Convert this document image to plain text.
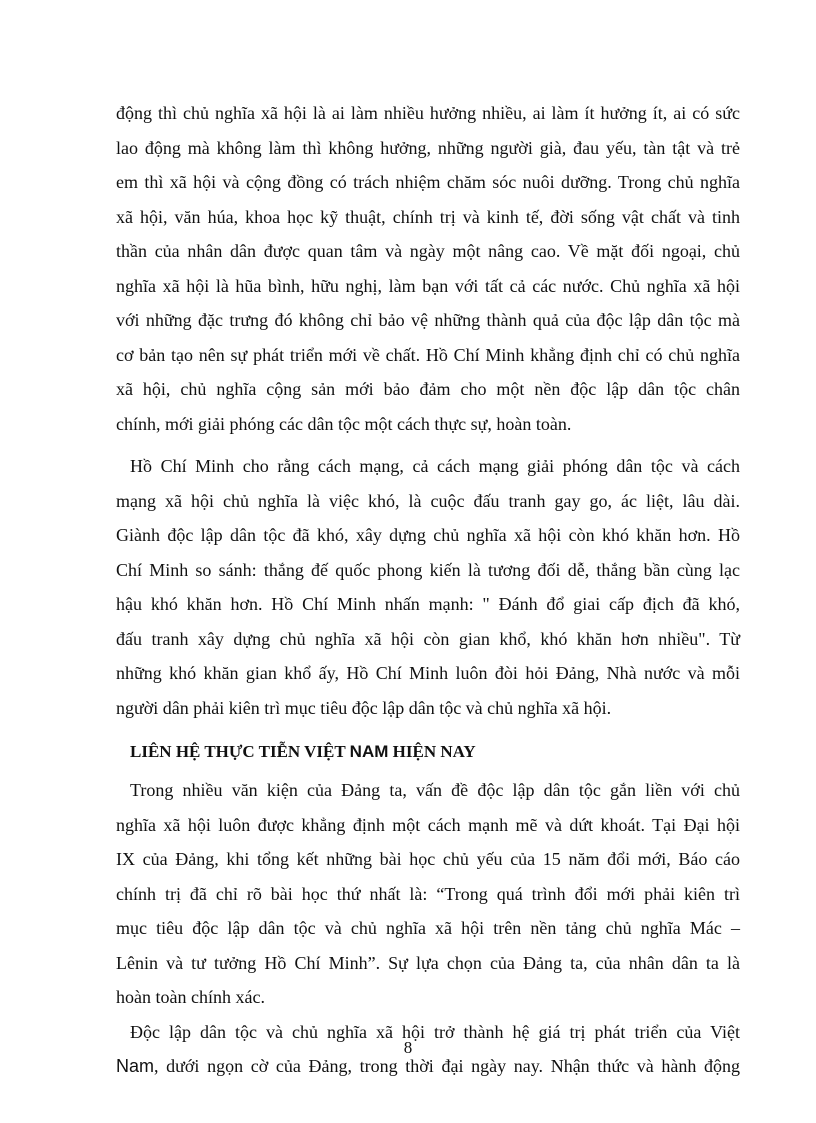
động thì chủ nghĩa xã hội là ai làm nhiều hưởng nhiều, ai làm ít hưởng ít, ai có sức
lao động mà không làm thì không hưởng, những người già, đau yếu, tàn tật và trẻ
em thì xã hội và cộng đồng có trách nhiệm chăm sóc nuôi dưỡng. Trong chủ nghĩa
xã hội, văn húa, khoa học kỹ thuật, chính trị và kinh tế, đời sống vật chất và tinh
thần của nhân dân được quan tâm và ngày một nâng cao. Về mặt đối ngoại, chủ
nghĩa xã hội là hũa bình, hữu nghị, làm bạn với tất cả các nước. Chủ nghĩa xã hội
với những đặc trưng đó không chỉ bảo vệ những thành quả của độc lập dân tộc mà
cơ bản tạo nên sự phát triển mới về chất. Hồ Chí Minh khẳng định chỉ có chủ nghĩa
xã hội, chủ nghĩa cộng sản mới bảo đảm cho một nền độc lập dân tộc chân
chính, mới giải phóng các dân tộc một cách thực sự, hoàn toàn.
Hồ Chí Minh cho rằng cách mạng, cả cách mạng giải phóng dân tộc và cách
mạng xã hội chủ nghĩa là việc khó, là cuộc đấu tranh gay go, ác liệt, lâu dài.
Giành độc lập dân tộc đã khó, xây dựng chủ nghĩa xã hội còn khó khăn hơn. Hồ
Chí Minh so sánh: thắng đế quốc phong kiến là tương đối dễ, thắng bần cùng lạc
hậu khó khăn hơn. Hồ Chí Minh nhấn mạnh: " Đánh đổ giai cấp địch đã khó,
đấu tranh xây dựng chủ nghĩa xã hội còn gian khổ, khó khăn hơn nhiều". Từ
những khó khăn gian khổ ấy, Hồ Chí Minh luôn đòi hỏi Đảng, Nhà nước và mỗi
người dân phải kiên trì mục tiêu độc lập dân tộc và chủ nghĩa xã hội.
LIÊN HỆ THỰC TIỄN VIỆT NAM HIỆN NAY
Trong nhiều văn kiện của Đảng ta, vấn đề độc lập dân tộc gắn liền với chủ
nghĩa xã hội luôn được khẳng định một cách mạnh mẽ và dứt khoát. Tại Đại hội
IX của Đảng, khi tổng kết những bài học chủ yếu của 15 năm đổi mới, Báo cáo
chính trị đã chỉ rõ bài học thứ nhất là: “Trong quá trình đổi mới phải kiên trì
mục tiêu độc lập dân tộc và chủ nghĩa xã hội trên nền tảng chủ nghĩa Mác –
Lênin và tư tưởng Hồ Chí Minh”. Sự lựa chọn của Đảng ta, của nhân dân ta là
hoàn toàn chính xác.
Độc lập dân tộc và chủ nghĩa xã hội trở thành hệ giá trị phát triển của Việt
Nam, dưới ngọn cờ của Đảng, trong thời đại ngày nay. Nhận thức và hành động
8
